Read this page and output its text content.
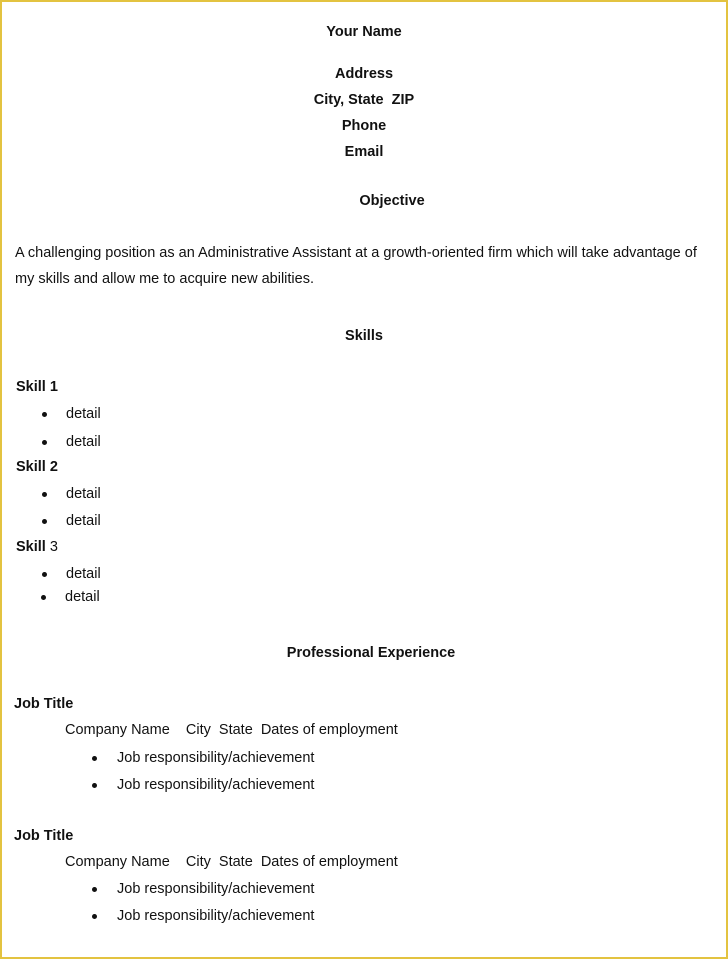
Your Name
Address
City, State  ZIP
Phone
Email
Objective
A challenging position as an Administrative Assistant at a growth-oriented firm which will take advantage of
my skills and allow me to acquire new abilities.
Skills
Skill 1
detail
detail
Skill 2
detail
detail
Skill 3
detail
detail
Professional Experience
Job Title
Company Name    City  State  Dates of employment
Job responsibility/achievement
Job responsibility/achievement
Job Title
Company Name    City  State  Dates of employment
Job responsibility/achievement
Job responsibility/achievement
